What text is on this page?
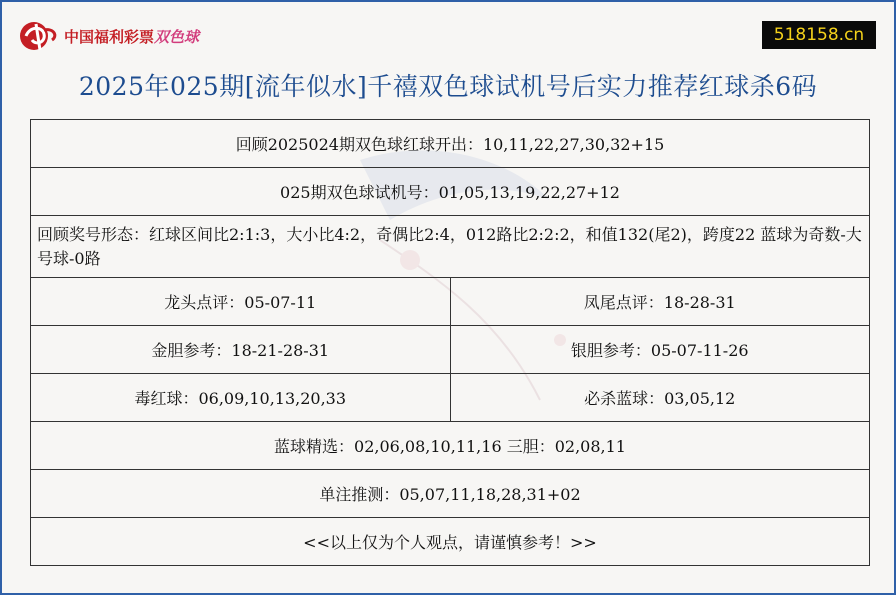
中国福利彩票双色球	518158.cn
2025年025期[流年似水]千禧双色球试机号后实力推荐红球杀6码
回顾2025024期双色球红球开出：10,11,22,27,30,32+15	
025期双色球试机号：01,05,13,19,22,27+12	
回顾奖号形态：红球区间比2:1:3，大小比4:2，奇偶比2:4，012路比2:2:2，和值132(尾2)，跨度22 蓝球为奇数-大号球-0路	
龙头点评：05-07-11	凤尾点评：18-28-31
金胆参考：18-21-28-31	银胆参考：05-07-11-26
毒红球：06,09,10,13,20,33	必杀蓝球：03,05,12
蓝球精选：02,06,08,10,11,16 三胆：02,08,11	
单注推测：05,07,11,18,28,31+02	
<<以上仅为个人观点，请谨慎参考！>>	
